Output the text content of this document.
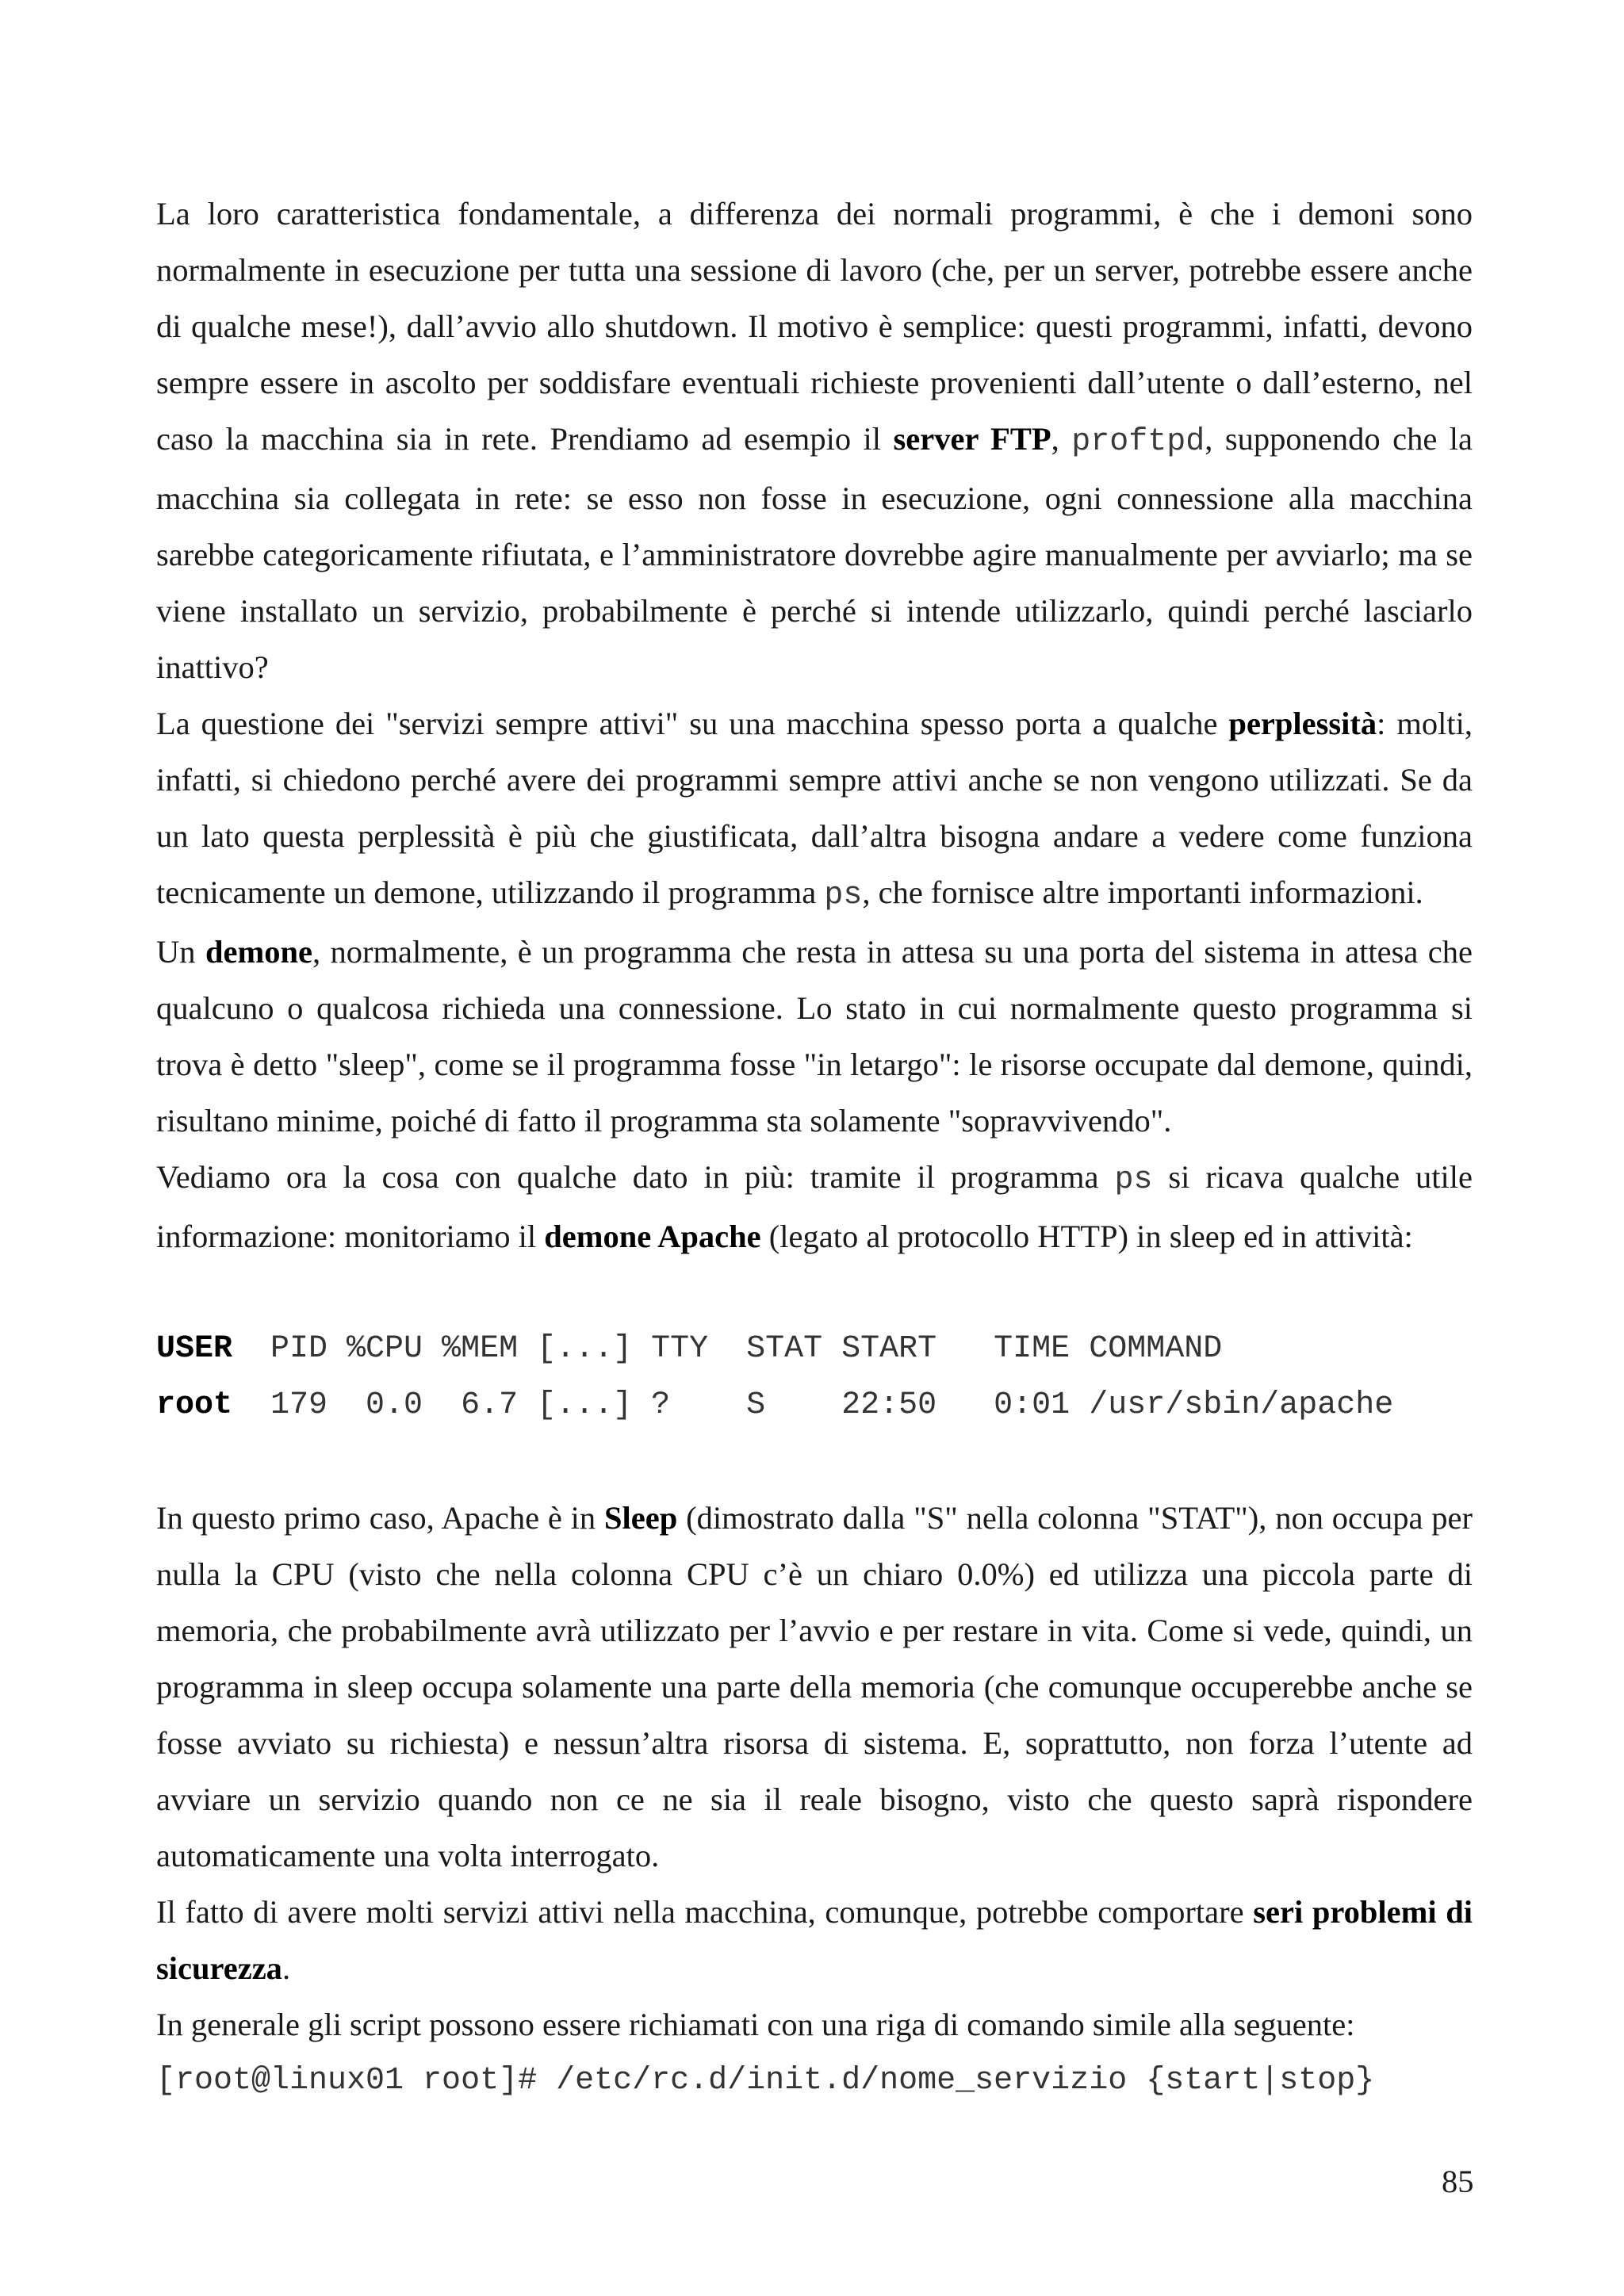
La loro caratteristica fondamentale, a differenza dei normali programmi, è che i demoni sono normalmente in esecuzione per tutta una sessione di lavoro (che, per un server, potrebbe essere anche di qualche mese!), dall’avvio allo shutdown. Il motivo è semplice: questi programmi, infatti, devono sempre essere in ascolto per soddisfare eventuali richieste provenienti dall’utente o dall’esterno, nel caso la macchina sia in rete. Prendiamo ad esempio il server FTP, proftpd, supponendo che la macchina sia collegata in rete: se esso non fosse in esecuzione, ogni connessione alla macchina sarebbe categoricamente rifiutata, e l’amministratore dovrebbe agire manualmente per avviarlo; ma se viene installato un servizio, probabilmente è perché si intende utilizzarlo, quindi perché lasciarlo inattivo?

La questione dei "servizi sempre attivi" su una macchina spesso porta a qualche perplessità: molti, infatti, si chiedono perché avere dei programmi sempre attivi anche se non vengono utilizzati. Se da un lato questa perplessità è più che giustificata, dall’altra bisogna andare a vedere come funziona tecnicamente un demone, utilizzando il programma ps, che fornisce altre importanti informazioni.

Un demone, normalmente, è un programma che resta in attesa su una porta del sistema in attesa che qualcuno o qualcosa richieda una connessione. Lo stato in cui normalmente questo programma si trova è detto "sleep", come se il programma fosse "in letargo": le risorse occupate dal demone, quindi, risultano minime, poiché di fatto il programma sta solamente "sopravvivendo".

Vediamo ora la cosa con qualche dato in più: tramite il programma ps si ricava qualche utile informazione: monitoriamo il demone Apache (legato al protocollo HTTP) in sleep ed in attività:

USER  PID %CPU %MEM [...] TTY  STAT START   TIME COMMAND
root  179  0.0  6.7 [...] ?    S    22:50   0:01 /usr/sbin/apache

In questo primo caso, Apache è in Sleep (dimostrato dalla "S" nella colonna "STAT"), non occupa per nulla la CPU (visto che nella colonna CPU c’è un chiaro 0.0%) ed utilizza una piccola parte di memoria, che probabilmente avrà utilizzato per l’avvio e per restare in vita. Come si vede, quindi, un programma in sleep occupa solamente una parte della memoria (che comunque occuperebbe anche se fosse avviato su richiesta) e nessun’altra risorsa di sistema. E, soprattutto, non forza l’utente ad avviare un servizio quando non ce ne sia il reale bisogno, visto che questo saprà rispondere automaticamente una volta interrogato.

Il fatto di avere molti servizi attivi nella macchina, comunque, potrebbe comportare seri problemi di sicurezza.

In generale gli script possono essere richiamati con una riga di comando simile alla seguente:

[root@linux01 root]# /etc/rc.d/init.d/nome_servizio {start|stop}
85
